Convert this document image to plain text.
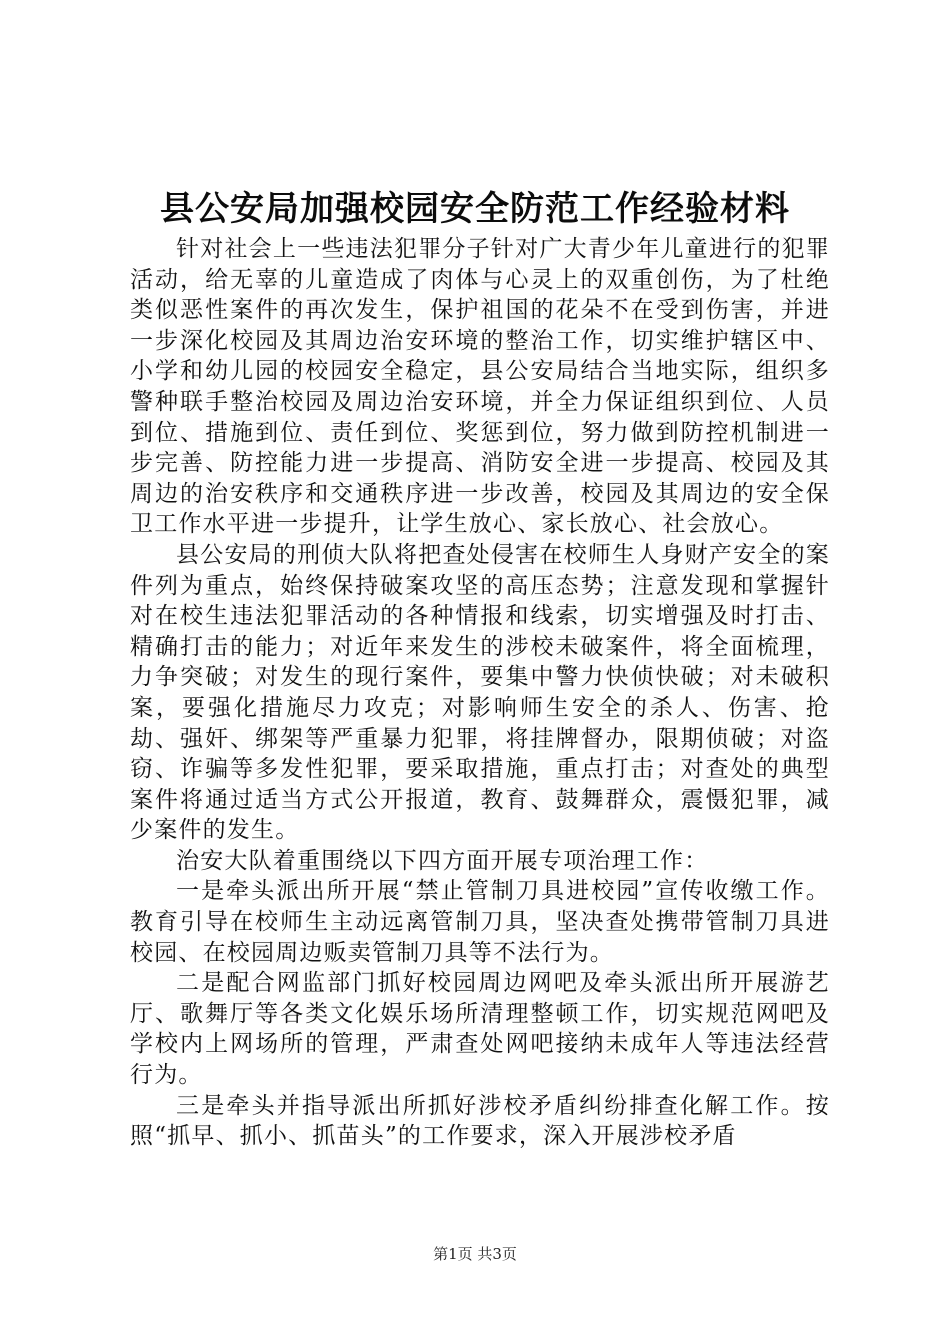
县公安局加强校园安全防范工作经验材料

针对社会上一些违法犯罪分子针对广大青少年儿童进行的犯罪活动，给无辜的儿童造成了肉体与心灵上的双重创伤，为了杜绝类似恶性案件的再次发生，保护祖国的花朵不在受到伤害，并进一步深化校园及其周边治安环境的整治工作，切实维护辖区中、小学和幼儿园的校园安全稳定，县公安局结合当地实际，组织多警种联手整治校园及周边治安环境，并全力保证组织到位、人员到位、措施到位、责任到位、奖惩到位，努力做到防控机制进一步完善、防控能力进一步提高、消防安全进一步提高、校园及其周边的治安秩序和交通秩序进一步改善，校园及其周边的安全保卫工作水平进一步提升，让学生放心、家长放心、社会放心。

县公安局的刑侦大队将把查处侵害在校师生人身财产安全的案件列为重点，始终保持破案攻坚的高压态势；注意发现和掌握针对在校生违法犯罪活动的各种情报和线索，切实增强及时打击、精确打击的能力；对近年来发生的涉校未破案件，将全面梳理，力争突破；对发生的现行案件，要集中警力快侦快破；对未破积案，要强化措施尽力攻克；对影响师生安全的杀人、伤害、抢劫、强奸、绑架等严重暴力犯罪，将挂牌督办，限期侦破；对盗窃、诈骗等多发性犯罪，要采取措施，重点打击；对查处的典型案件将通过适当方式公开报道，教育、鼓舞群众，震慑犯罪，减少案件的发生。

治安大队着重围绕以下四方面开展专项治理工作：

一是牵头派出所开展“禁止管制刀具进校园”宣传收缴工作。教育引导在校师生主动远离管制刀具，坚决查处携带管制刀具进校园、在校园周边贩卖管制刀具等不法行为。

二是配合网监部门抓好校园周边网吧及牵头派出所开展游艺厅、歌舞厅等各类文化娱乐场所清理整顿工作，切实规范网吧及学校内上网场所的管理，严肃查处网吧接纳未成年人等违法经营行为。

三是牵头并指导派出所抓好涉校矛盾纠纷排查化解工作。按照“抓早、抓小、抓苗头”的工作要求，深入开展涉校矛盾

第1页 共3页
